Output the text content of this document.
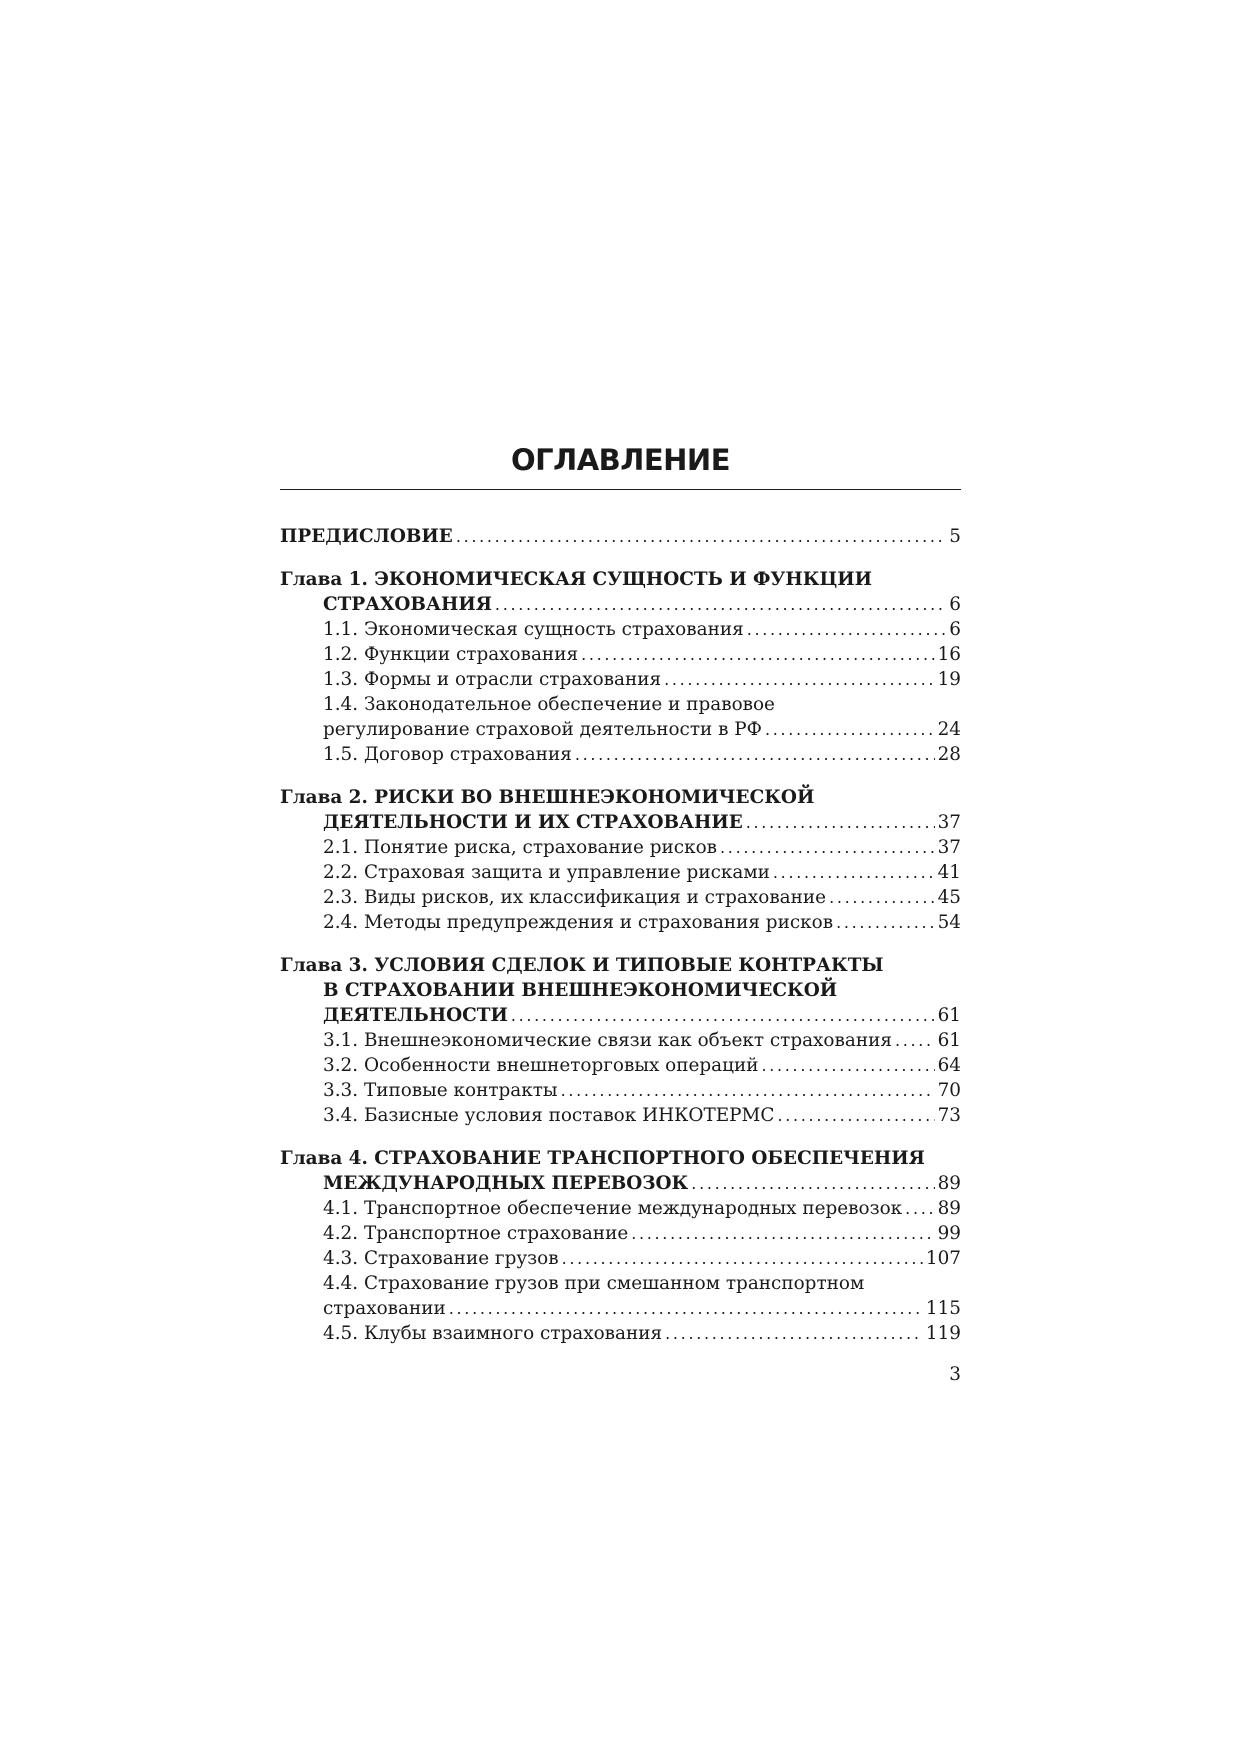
ОГЛАВЛЕНИЕ
ПРЕДИСЛОВИЕ . . .	5
Глава 1. ЭКОНОМИЧЕСКАЯ СУЩНОСТЬ И ФУНКЦИИ
СТРАХОВАНИЯ . . .	6
1.1. Экономическая сущность страхования . . .	6
1.2. Функции страхования . . .	16
1.3. Формы и отрасли страхования . . .	19
1.4. Законодательное обеспечение и правовое
регулирование страховой деятельности в РФ . . .	24
1.5. Договор страхования . . .	28
Глава 2. РИСКИ ВО ВНЕШНЕЭКОНОМИЧЕСКОЙ
ДЕЯТЕЛЬНОСТИ И ИХ СТРАХОВАНИЕ . . .	37
2.1. Понятие риска, страхование рисков . . .	37
2.2. Страховая защита и управление рисками . . .	41
2.3. Виды рисков, их классификация и страхование . . .	45
2.4. Методы предупреждения и страхования рисков . . .	54
Глава 3. УСЛОВИЯ СДЕЛОК И ТИПОВЫЕ КОНТРАКТЫ
В СТРАХОВАНИИ ВНЕШНЕЭКОНОМИЧЕСКОЙ
ДЕЯТЕЛЬНОСТИ . . .	61
3.1. Внешнеэкономические связи как объект страхования . . . 61
3.2. Особенности внешнеторговых операций . . .	64
3.3. Типовые контракты . . .	70
3.4. Базисные условия поставок ИНКОТЕРМС . . .	73
Глава 4. СТРАХОВАНИЕ ТРАНСПОРТНОГО ОБЕСПЕЧЕНИЯ
МЕЖДУНАРОДНЫХ ПЕРЕВОЗОК . . .	89
4.1. Транспортное обеспечение международных перевозок . . . 89
4.2. Транспортное страхование . . .	99
4.3. Страхование грузов . . .	107
4.4. Страхование грузов при смешанном транспортном
страховании . . .	115
4.5. Клубы взаимного страхования . . .	119
3
